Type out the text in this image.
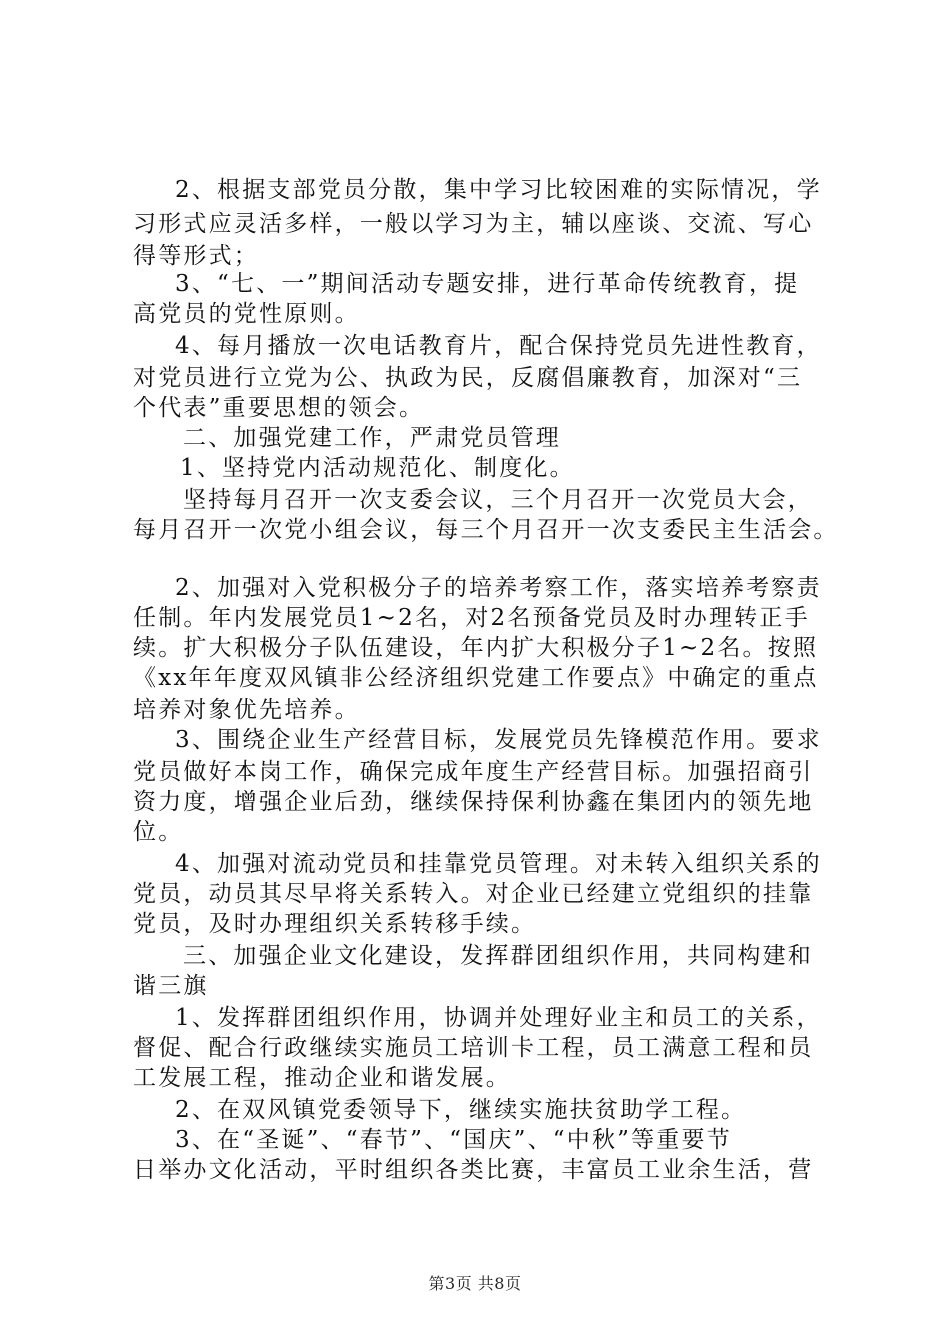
2、根据支部党员分散，集中学习比较困难的实际情况，学

习形式应灵活多样，一般以学习为主，辅以座谈、交流、写心

得等形式；

3、“七、一”期间活动专题安排，进行革命传统教育，提

高党员的党性原则。

4、每月播放一次电话教育片，配合保持党员先进性教育，

对党员进行立党为公、执政为民，反腐倡廉教育，加深对“三

个代表”重要思想的领会。

二、加强党建工作，严肃党员管理

1、坚持党内活动规范化、制度化。

坚持每月召开一次支委会议，三个月召开一次党员大会，

每月召开一次党小组会议，每三个月召开一次支委民主生活会。

2、加强对入党积极分子的培养考察工作，落实培养考察责

任制。年内发展党员1~2名，对2名预备党员及时办理转正手

续。扩大积极分子队伍建设，年内扩大积极分子1~2名。按照

《xx年年度双风镇非公经济组织党建工作要点》中确定的重点

培养对象优先培养。

3、围绕企业生产经营目标，发展党员先锋模范作用。要求

党员做好本岗工作，确保完成年度生产经营目标。加强招商引

资力度，增强企业后劲，继续保持保利协鑫在集团内的领先地

位。

4、加强对流动党员和挂靠党员管理。对未转入组织关系的

党员，动员其尽早将关系转入。对企业已经建立党组织的挂靠

党员，及时办理组织关系转移手续。

三、加强企业文化建设，发挥群团组织作用，共同构建和

谐三旗

1、发挥群团组织作用，协调并处理好业主和员工的关系，

督促、配合行政继续实施员工培训卡工程，员工满意工程和员

工发展工程，推动企业和谐发展。

2、在双风镇党委领导下，继续实施扶贫助学工程。

3、在“圣诞”、“春节”、“国庆”、“中秋”等重要节

日举办文化活动，平时组织各类比赛，丰富员工业余生活，营

第3页 共8页
